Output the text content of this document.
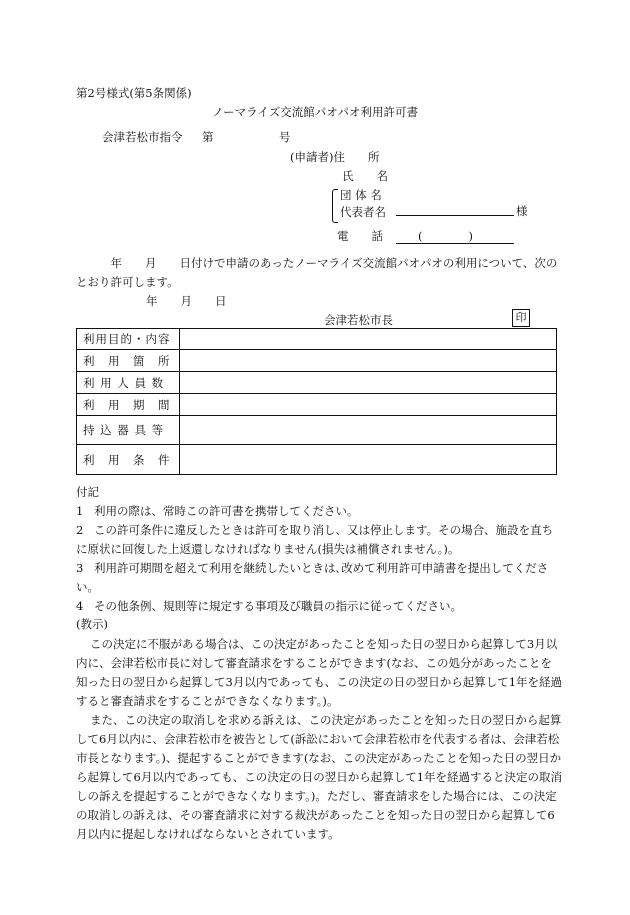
第2号様式(第5条関係)
ノーマライズ交流館パオパオ利用許可書
会津若松市指令 第	号
(申請者)住　　所
氏　　名
団 体 名
代表者名	様
電　　話	(　　　　)
　　　年　　月　　日付けで申請のあったノーマライズ交流館パオパオの利用について、次のとおり許可します。
年　　月　　日
会津若松市長	印
利用目的・内容	
利　用　箇　所	
利 用 人 員 数	
利　用　期　間	
持 込 器 具 等	
利　用　条　件	
付記
1 利用の際は、常時この許可書を携帯してください。
2 この許可条件に違反したときは許可を取り消し、又は停止します。その場合、施設を直ちに原状に回復した上返還しなければなりません(損失は補償されません。)。
3 利用許可期間を超えて利用を継続したいときは､改めて利用許可申請書を提出してください。
4 その他条例、規則等に規定する事項及び職員の指示に従ってください。
(教示)
この決定に不服がある場合は、この決定があったことを知った日の翌日から起算して3月以内に、会津若松市長に対して審査請求をすることができます(なお、この処分があったことを知った日の翌日から起算して3月以内であっても、この決定の日の翌日から起算して1年を経過すると審査請求をすることができなくなります。)。
また、この決定の取消しを求める訴えは、この決定があったことを知った日の翌日から起算して6月以内に、会津若松市を被告として(訴訟において会津若松市を代表する者は、会津若松市長となります。)、提起することができます(なお、この決定があったことを知った日の翌日から起算して6月以内であっても、この決定の日の翌日から起算して1年を経過すると決定の取消しの訴えを提起することができなくなります。)。ただし、審査請求をした場合には、この決定の取消しの訴えは、その審査請求に対する裁決があったことを知った日の翌日から起算して6月以内に提起しなければならないとされています。
